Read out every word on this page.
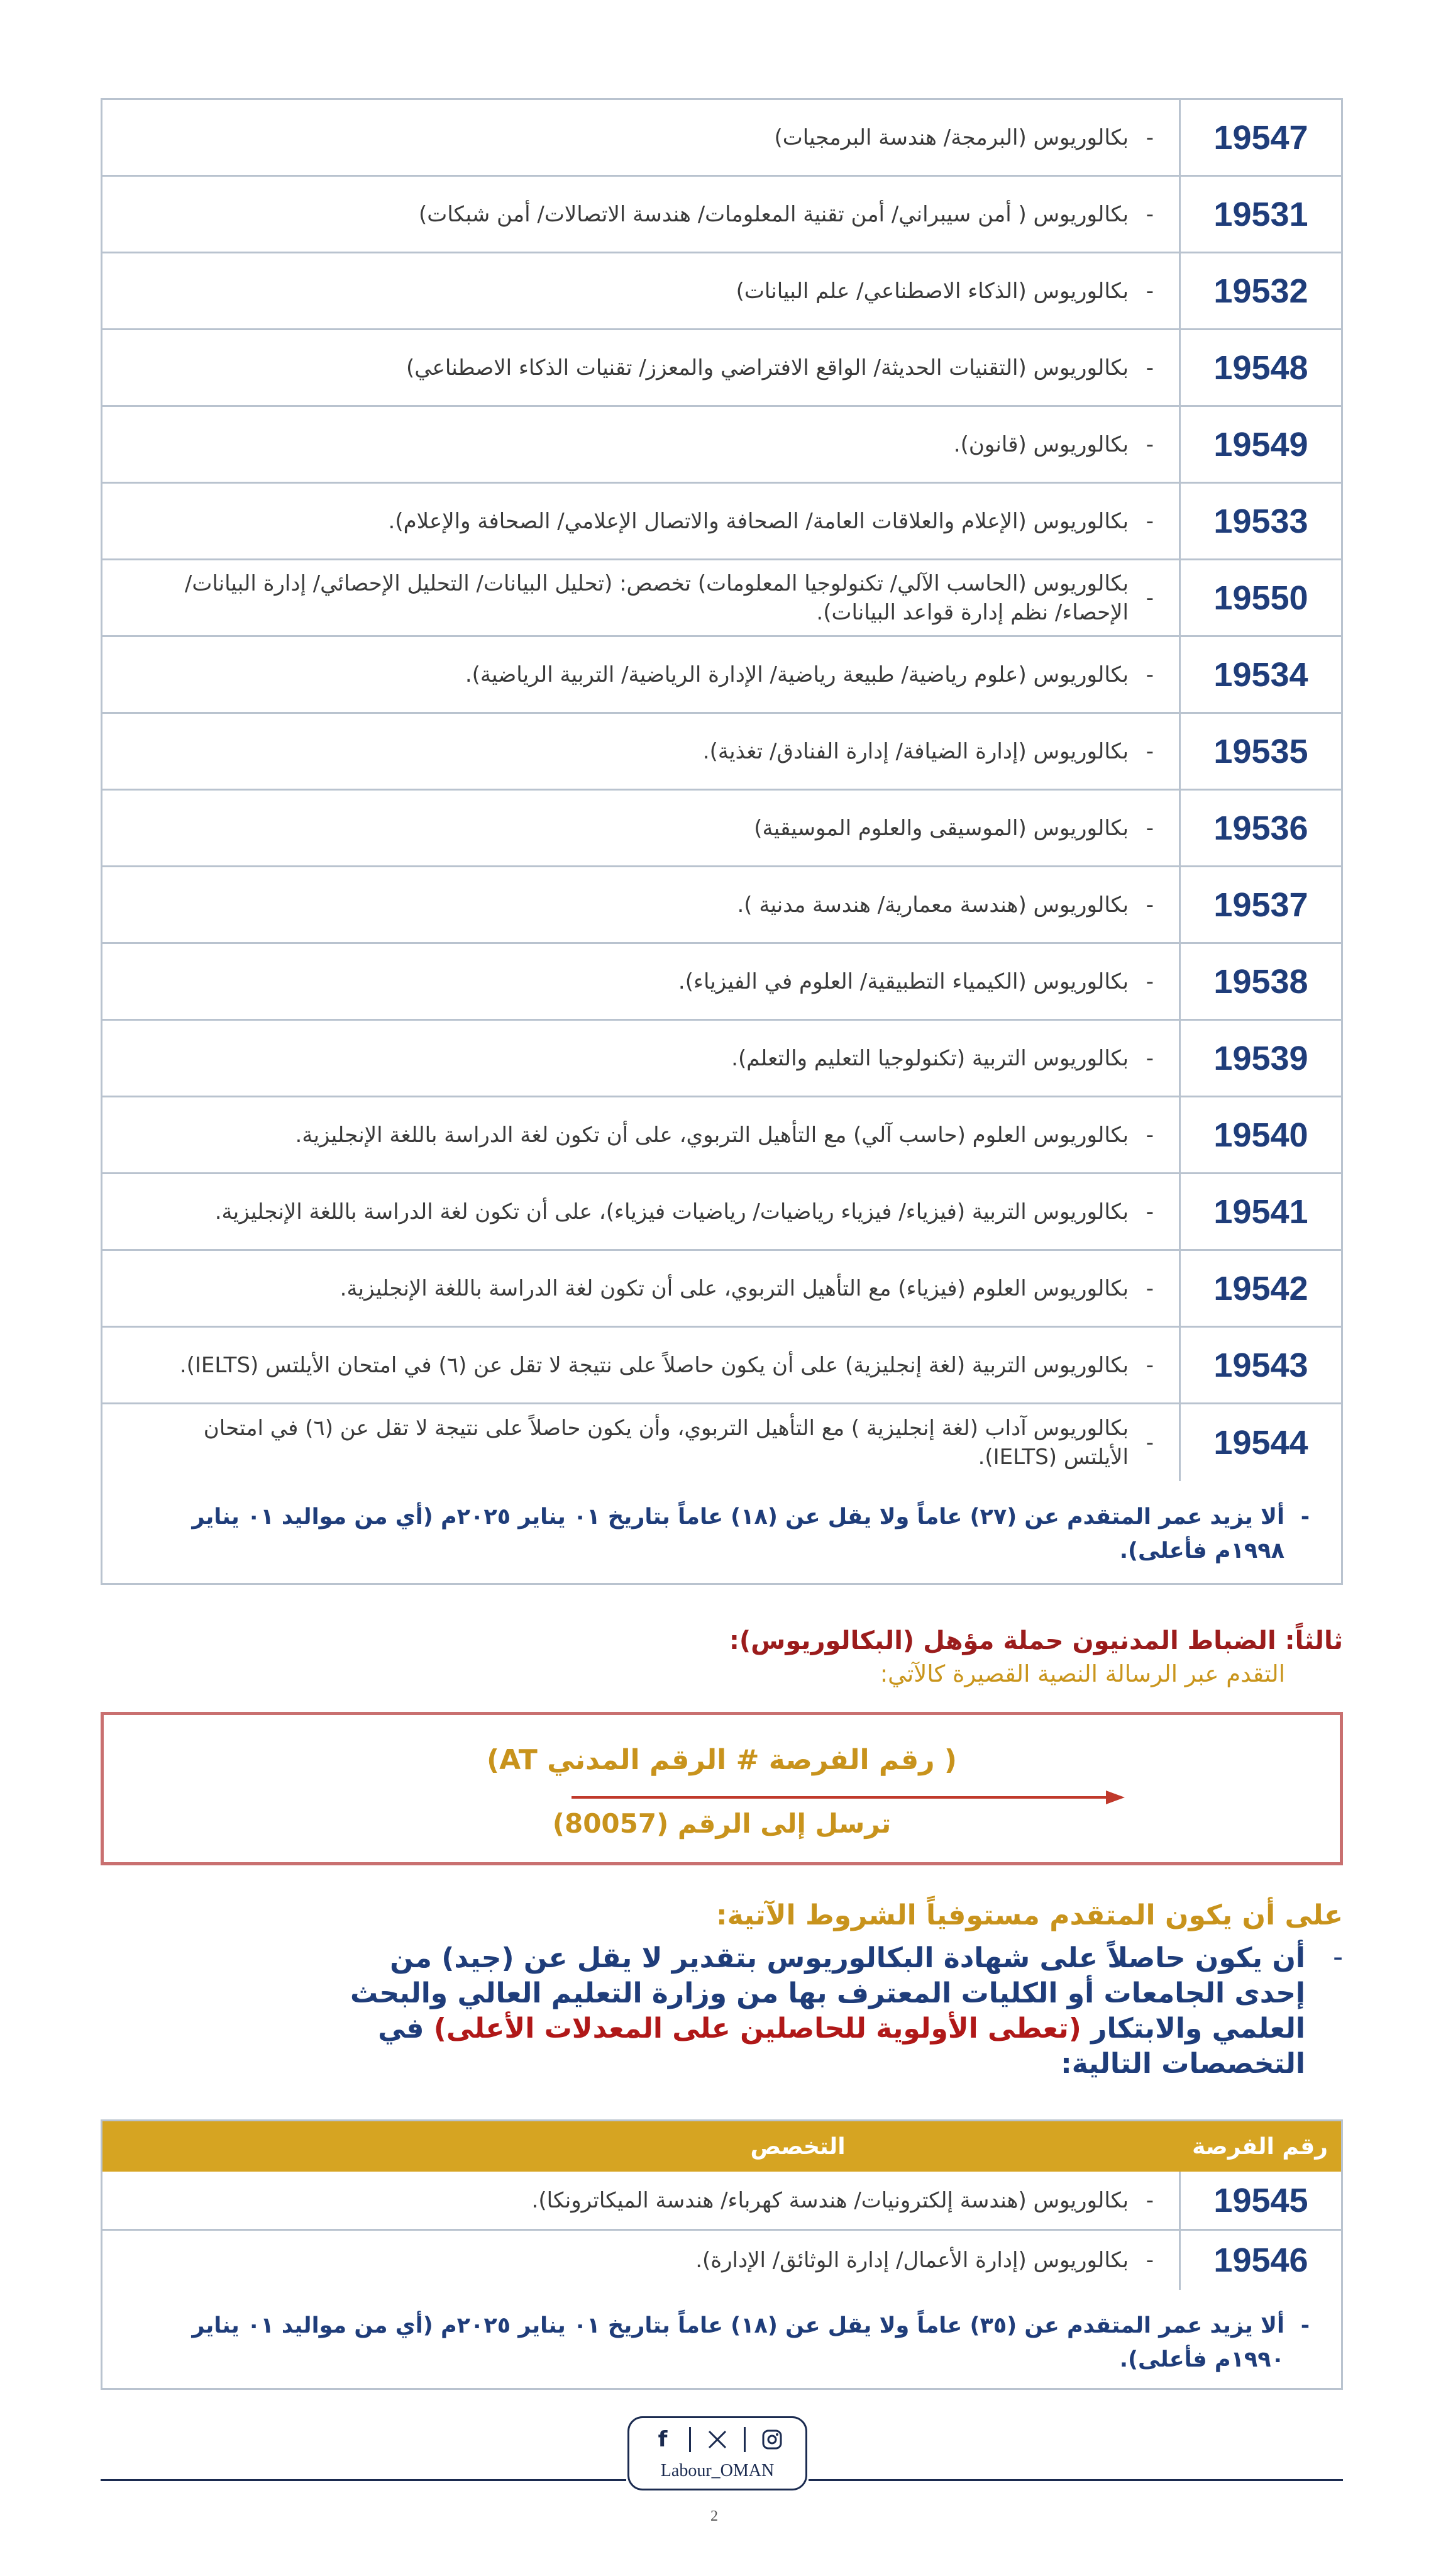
19547
-
بكالوريوس (البرمجة/ هندسة البرمجيات)
19531
-
بكالوريوس ( أمن سيبراني/ أمن تقنية المعلومات/ هندسة الاتصالات/ أمن شبكات)
19532
-
بكالوريوس (الذكاء الاصطناعي/ علم البيانات)
19548
-
بكالوريوس (التقنيات الحديثة/ الواقع الافتراضي والمعزز/ تقنيات الذكاء الاصطناعي)
19549
-
بكالوريوس (قانون).
19533
-
بكالوريوس (الإعلام والعلاقات العامة/ الصحافة والاتصال الإعلامي/ الصحافة والإعلام).
19550
-
بكالوريوس (الحاسب الآلي/ تكنولوجيا المعلومات) تخصص: (تحليل البيانات/ التحليل الإحصائي/ إدارة البيانات/ الإحصاء/ نظم إدارة قواعد البيانات).
19534
-
بكالوريوس (علوم رياضية/ طبيعة رياضية/ الإدارة الرياضية/ التربية الرياضية).
19535
-
بكالوريوس (إدارة الضيافة/ إدارة الفنادق/ تغذية).
19536
-
بكالوريوس (الموسيقى والعلوم الموسيقية)
19537
-
بكالوريوس (هندسة معمارية/ هندسة مدنية ).
19538
-
بكالوريوس (الكيمياء التطبيقية/ العلوم في الفيزياء).
19539
-
بكالوريوس التربية (تكنولوجيا التعليم والتعلم).
19540
-
بكالوريوس العلوم (حاسب آلي) مع التأهيل التربوي، على أن تكون لغة الدراسة باللغة الإنجليزية.
19541
-
بكالوريوس التربية (فيزياء/ فيزياء رياضيات/ رياضيات فيزياء)، على أن تكون لغة الدراسة باللغة الإنجليزية.
19542
-
بكالوريوس العلوم (فيزياء) مع التأهيل التربوي، على أن تكون لغة الدراسة باللغة الإنجليزية.
19543
-
بكالوريوس التربية (لغة إنجليزية) على أن يكون حاصلاً على نتيجة لا تقل عن (٦) في امتحان الأيلتس (IELTS).
19544
-
بكالوريوس آداب (لغة إنجليزية ) مع التأهيل التربوي، وأن يكون حاصلاً على نتيجة لا تقل عن (٦) في امتحان الأيلتس (IELTS).
-
ألا يزيد عمر المتقدم عن (٢٧) عاماً ولا يقل عن (١٨) عاماً بتاريخ ٠١ يناير ٢٠٢٥م (أي من مواليد ٠١ يناير ١٩٩٨م فأعلى).
ثالثاً: الضباط المدنيون حملة مؤهل (البكالوريوس):
التقدم عبر الرسالة النصية القصيرة كالآتي:
( رقم الفرصة # الرقم المدني AT)
ترسل إلى الرقم (80057)
على أن يكون المتقدم مستوفياً الشروط الآتية:
-
أن يكون حاصلاً على شهادة البكالوريوس بتقدير لا يقل عن (جيد) من إحدى الجامعات أو الكليات المعترف بها من وزارة التعليم العالي والبحث العلمي والابتكار (تعطى الأولوية للحاصلين على المعدلات الأعلى) في التخصصات التالية:
رقم الفرصة
التخصص
19545
-
بكالوريوس (هندسة إلكترونيات/ هندسة كهرباء/ هندسة الميكاترونكا).
19546
-
بكالوريوس (إدارة الأعمال/ إدارة الوثائق/ الإدارة).
-
ألا يزيد عمر المتقدم عن (٣٥) عاماً ولا يقل عن (١٨) عاماً بتاريخ ٠١ يناير ٢٠٢٥م (أي من مواليد ٠١ يناير ١٩٩٠م فأعلى).
f
Labour_OMAN
2
